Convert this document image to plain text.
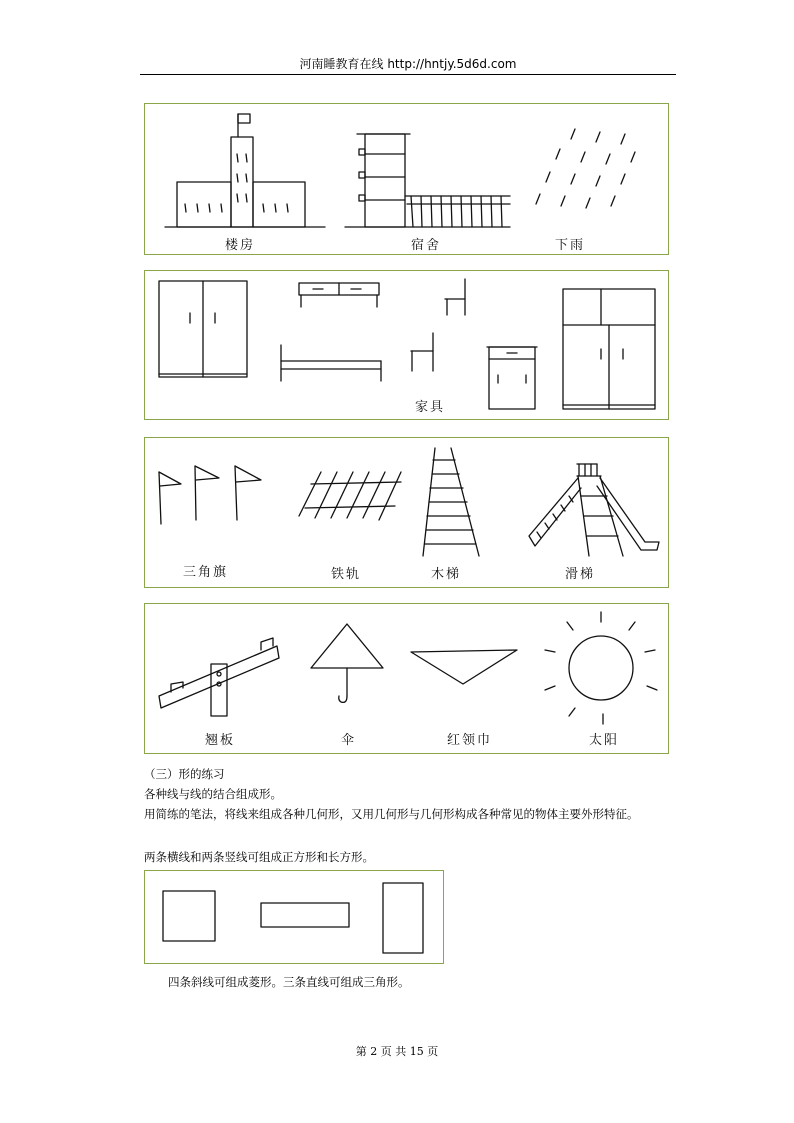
河南睡教育在线 http://hntjy.5d6d.com
楼房	宿舍	下雨
家具
三角旗	铁轨	木梯	滑梯
翘板	伞	红领巾	太阳
（三）形的练习
各种线与线的结合组成形。
用简练的笔法，将线来组成各种几何形，又用几何形与几何形构成各种常见的物体主要外形特征。
两条横线和两条竖线可组成正方形和长方形。
四条斜线可组成菱形。三条直线可组成三角形。
第 2 页 共 15 页
